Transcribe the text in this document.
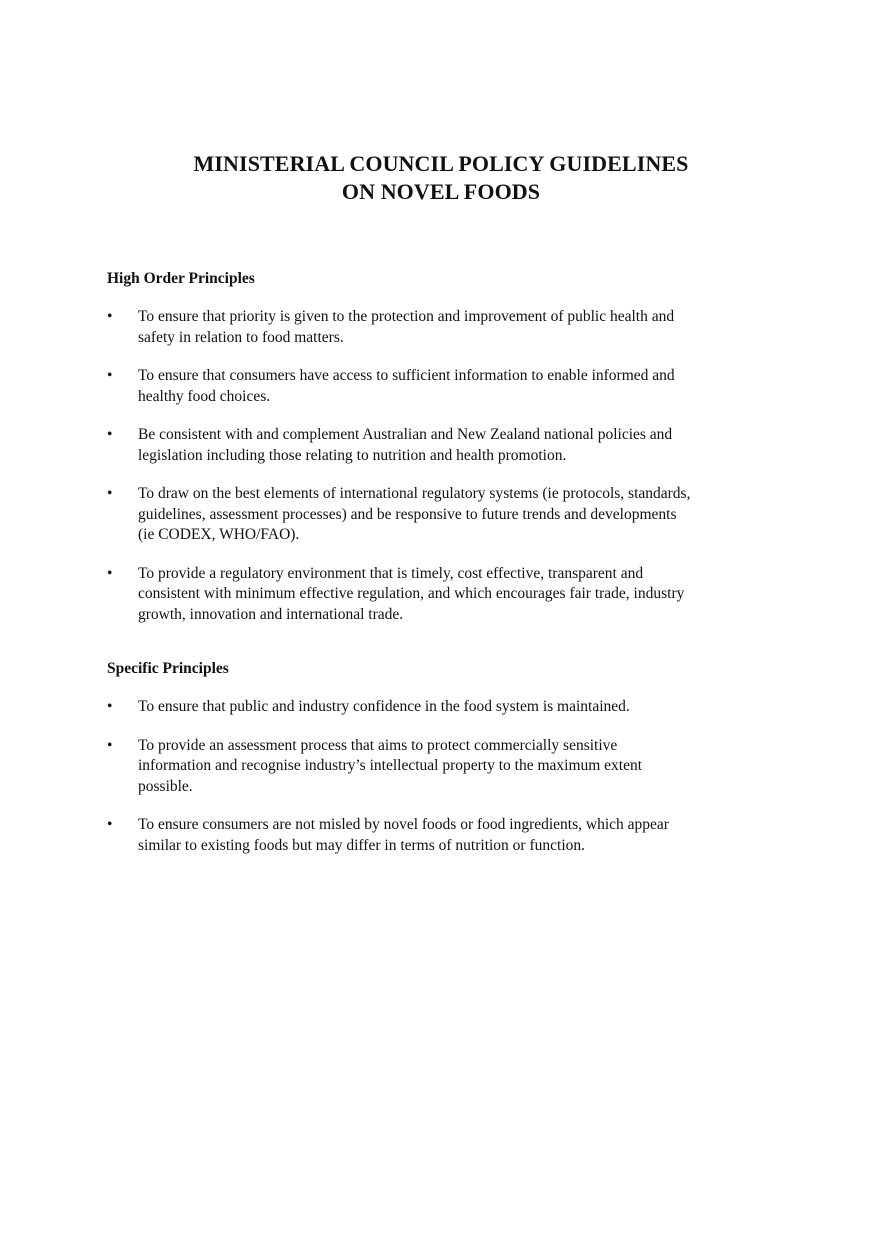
MINISTERIAL COUNCIL POLICY GUIDELINES
ON NOVEL FOODS
High Order Principles
• To ensure that priority is given to the protection and improvement of public health and
safety in relation to food matters.
• To ensure that consumers have access to sufficient information to enable informed and
healthy food choices.
• Be consistent with and complement Australian and New Zealand national policies and
legislation including those relating to nutrition and health promotion.
• To draw on the best elements of international regulatory systems (ie protocols, standards,
guidelines, assessment processes) and be responsive to future trends and developments
(ie CODEX, WHO/FAO).
• To provide a regulatory environment that is timely, cost effective, transparent and
consistent with minimum effective regulation, and which encourages fair trade, industry
growth, innovation and international trade.
Specific Principles
• To ensure that public and industry confidence in the food system is maintained.
• To provide an assessment process that aims to protect commercially sensitive
information and recognise industry’s intellectual property to the maximum extent
possible.
• To ensure consumers are not misled by novel foods or food ingredients, which appear
similar to existing foods but may differ in terms of nutrition or function.
